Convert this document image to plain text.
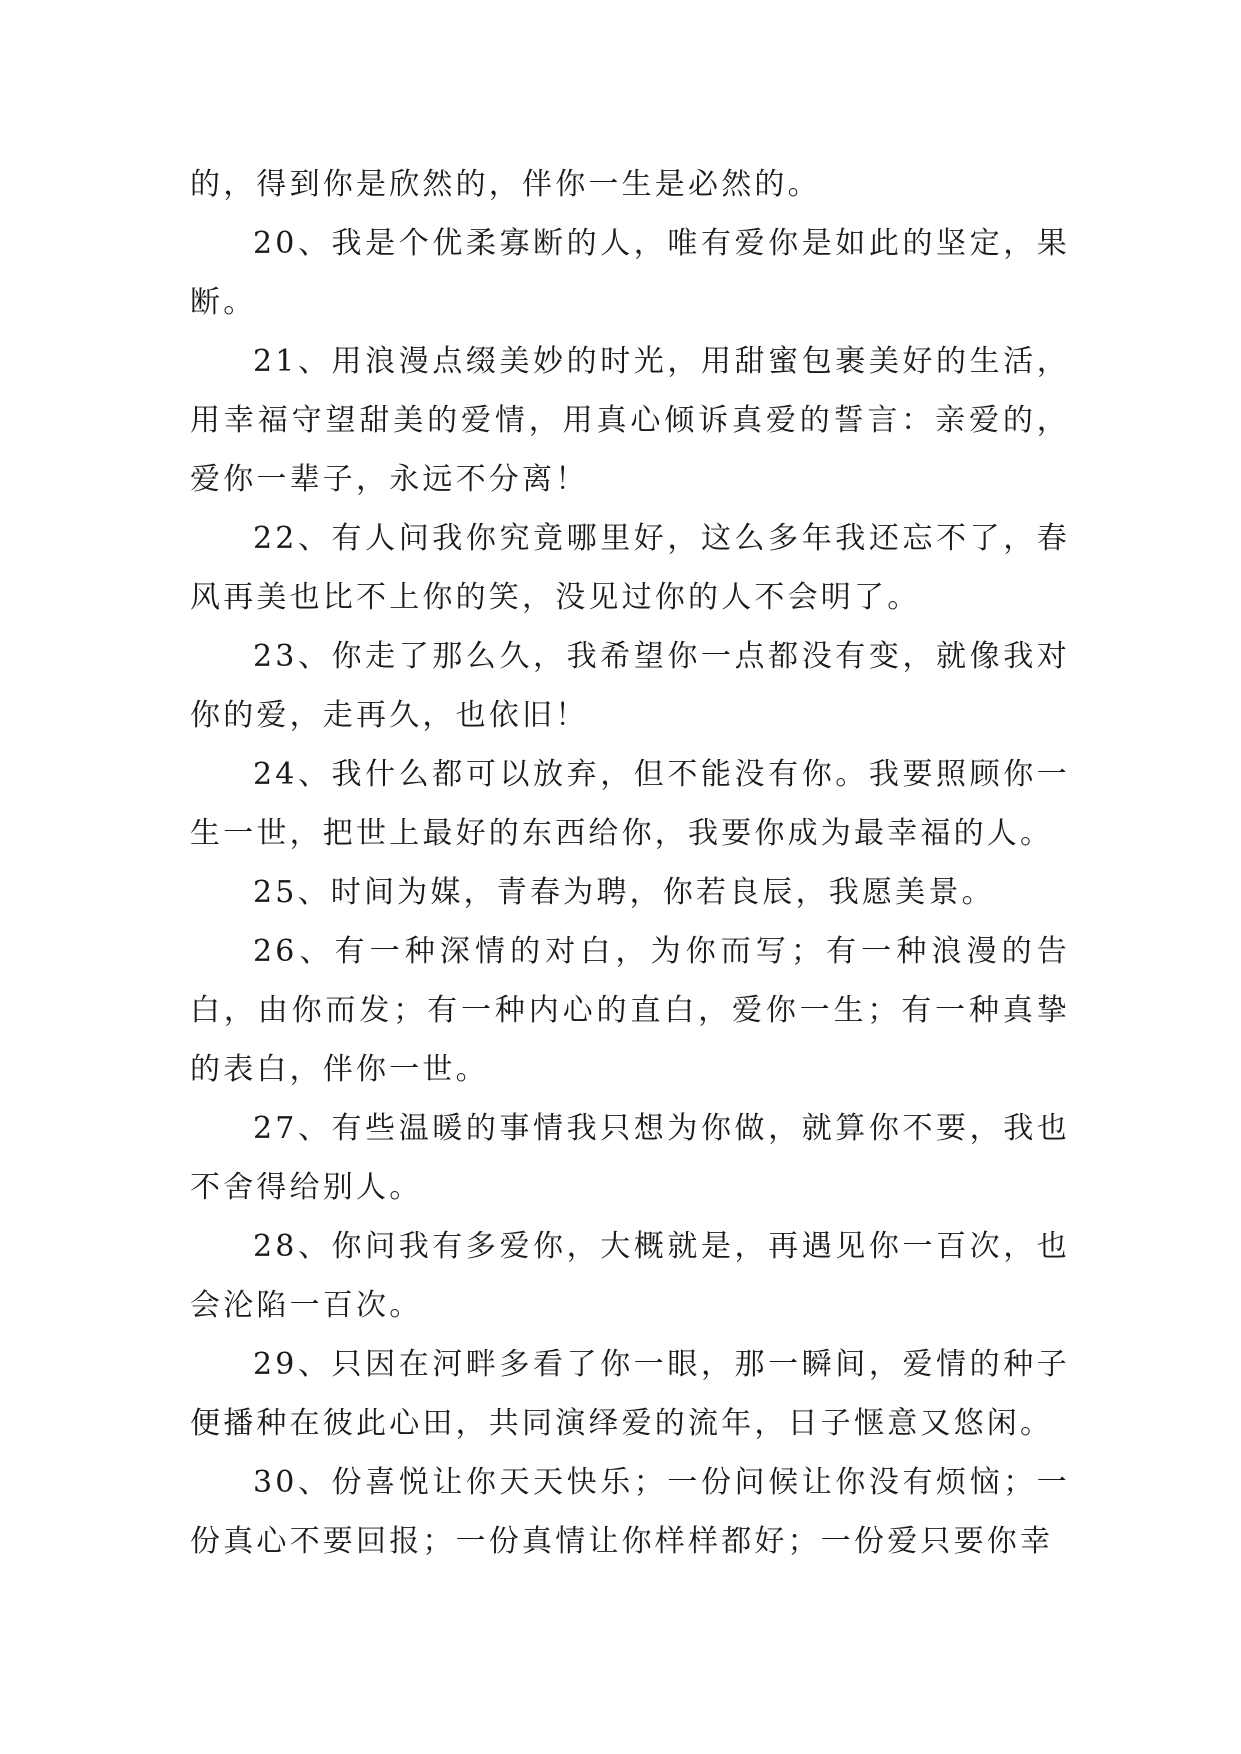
的，得到你是欣然的，伴你一生是必然的。

20、我是个优柔寡断的人，唯有爱你是如此的坚定，果断。

21、用浪漫点缀美妙的时光，用甜蜜包裹美好的生活，用幸福守望甜美的爱情，用真心倾诉真爱的誓言：亲爱的，爱你一辈子，永远不分离！

22、有人问我你究竟哪里好，这么多年我还忘不了，春风再美也比不上你的笑，没见过你的人不会明了。

23、你走了那么久，我希望你一点都没有变，就像我对你的爱，走再久，也依旧！

24、我什么都可以放弃，但不能没有你。我要照顾你一生一世，把世上最好的东西给你，我要你成为最幸福的人。

25、时间为媒，青春为聘，你若良辰，我愿美景。

26、有一种深情的对白，为你而写；有一种浪漫的告白，由你而发；有一种内心的直白，爱你一生；有一种真挚的表白，伴你一世。

27、有些温暖的事情我只想为你做，就算你不要，我也不舍得给别人。

28、你问我有多爱你，大概就是，再遇见你一百次，也会沦陷一百次。

29、只因在河畔多看了你一眼，那一瞬间，爱情的种子便播种在彼此心田，共同演绎爱的流年，日子惬意又悠闲。

30、份喜悦让你天天快乐；一份问候让你没有烦恼；一份真心不要回报；一份真情让你样样都好；一份爱只要你幸
